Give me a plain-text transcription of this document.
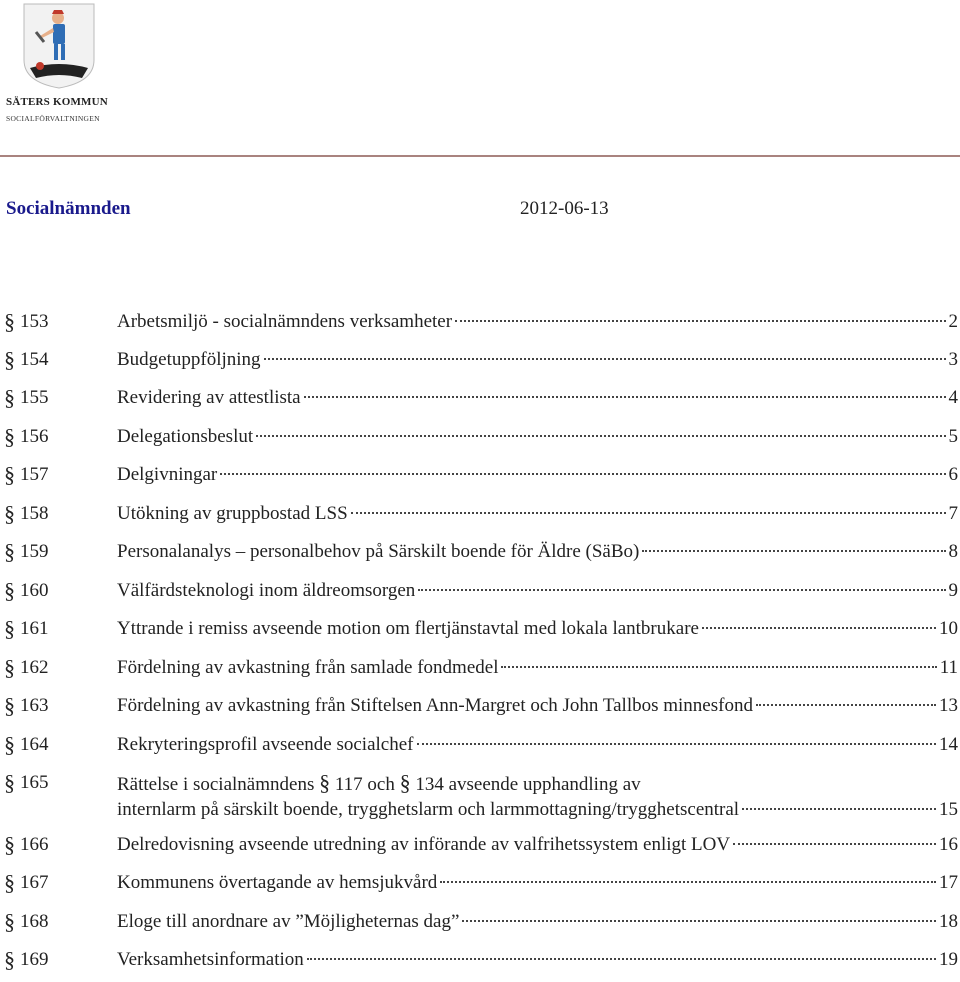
SÄTERS KOMMUN
SOCIALFÖRVALTNINGEN
Socialnämnden	2012-06-13
§ 153	Arbetsmiljö - socialnämndens verksamheter	2
§ 154	Budgetuppföljning	3
§ 155	Revidering av attestlista	4
§ 156	Delegationsbeslut	5
§ 157	Delgivningar	6
§ 158	Utökning av gruppbostad LSS	7
§ 159	Personalanalys – personalbehov på Särskilt boende för Äldre (SäBo)	8
§ 160	Välfärdsteknologi inom äldreomsorgen	9
§ 161	Yttrande i remiss avseende motion om flertjänstavtal med lokala lantbrukare	10
§ 162	Fördelning av avkastning från samlade fondmedel	11
§ 163	Fördelning av avkastning från Stiftelsen Ann-Margret och John Tallbos minnesfond	13
§ 164	Rekryteringsprofil avseende socialchef	14
§ 165	Rättelse i socialnämndens § 117 och § 134 avseende upphandling av
internlarm på särskilt boende, trygghetslarm och larmmottagning/trygghetscentral	15
§ 166	Delredovisning avseende utredning av införande av valfrihetssystem enligt LOV	16
§ 167	Kommunens övertagande av hemsjukvård	17
§ 168	Eloge till anordnare av ”Möjligheternas dag”	18
§ 169	Verksamhetsinformation	19
